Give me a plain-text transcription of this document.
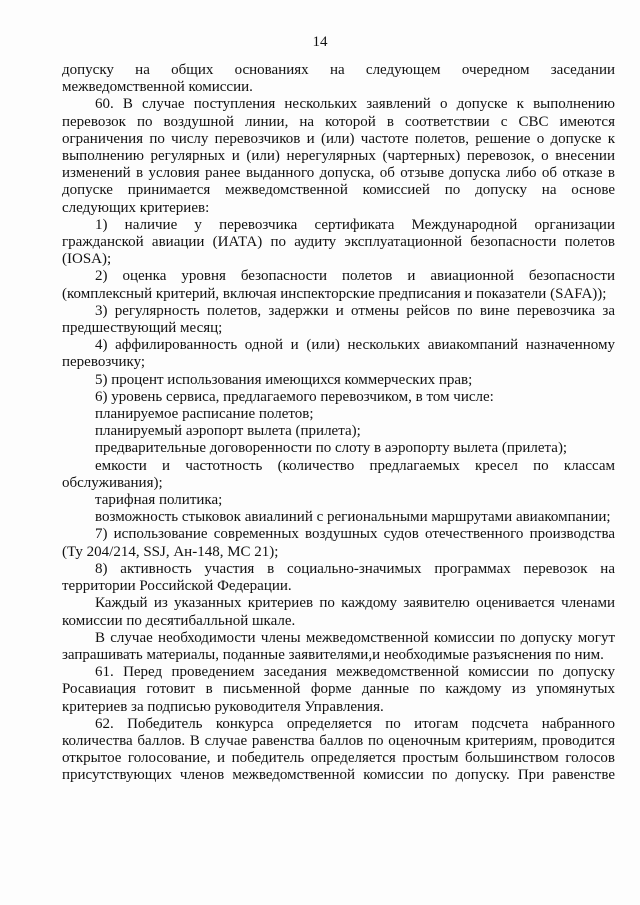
14

допуску на общих основаниях на следующем очередном заседании

межведомственной комиссии.

60. В случае поступления нескольких заявлений о допуске к выполнению перевозок по воздушной линии, на которой в соответствии с СВС имеются ограничения по числу перевозчиков и (или) частоте полетов, решение о допуске к выполнению регулярных и (или) нерегулярных (чартерных) перевозок, о внесении изменений в условия ранее выданного допуска, об отзыве допуска либо об отказе в допуске принимается межведомственной комиссией по допуску на основе следующих критериев:

1) наличие у перевозчика сертификата Международной организации гражданской авиации (ИАТА) по аудиту эксплуатационной безопасности полетов (IOSA);

2) оценка уровня безопасности полетов и авиационной безопасности (комплексный критерий, включая инспекторские предписания и показатели (SAFA));

3) регулярность полетов, задержки и отмены рейсов по вине перевозчика за предшествующий месяц;

4) аффилированность одной и (или) нескольких авиакомпаний назначенному перевозчику;

5) процент использования имеющихся коммерческих прав;

6) уровень сервиса, предлагаемого перевозчиком, в том числе:

планируемое расписание полетов;

планируемый аэропорт вылета (прилета);

предварительные договоренности по слоту в аэропорту вылета (прилета);

емкости и частотность (количество предлагаемых кресел по классам обслуживания);

тарифная политика;

возможность стыковок авиалиний с региональными маршрутами авиакомпании;

7) использование современных воздушных судов отечественного производства (Ту 204/214, SSJ, Ан-148, МС 21);

8) активность участия в социально-значимых программах перевозок на территории Российской Федерации.

Каждый из указанных критериев по каждому заявителю оценивается членами комиссии по десятибалльной шкале.

В случае необходимости члены межведомственной комиссии по допуску могут запрашивать материалы, поданные заявителями,и необходимые разъяснения по ним.

61. Перед проведением заседания межведомственной комиссии по допуску Росавиация готовит в письменной форме данные по каждому из упомянутых критериев за подписью руководителя Управления.

62. Победитель конкурса определяется по итогам подсчета набранного количества баллов. В случае равенства баллов по оценочным критериям, проводится открытое голосование, и победитель определяется простым большинством голосов присутствующих членов межведомственной комиссии по допуску. При равенстве
